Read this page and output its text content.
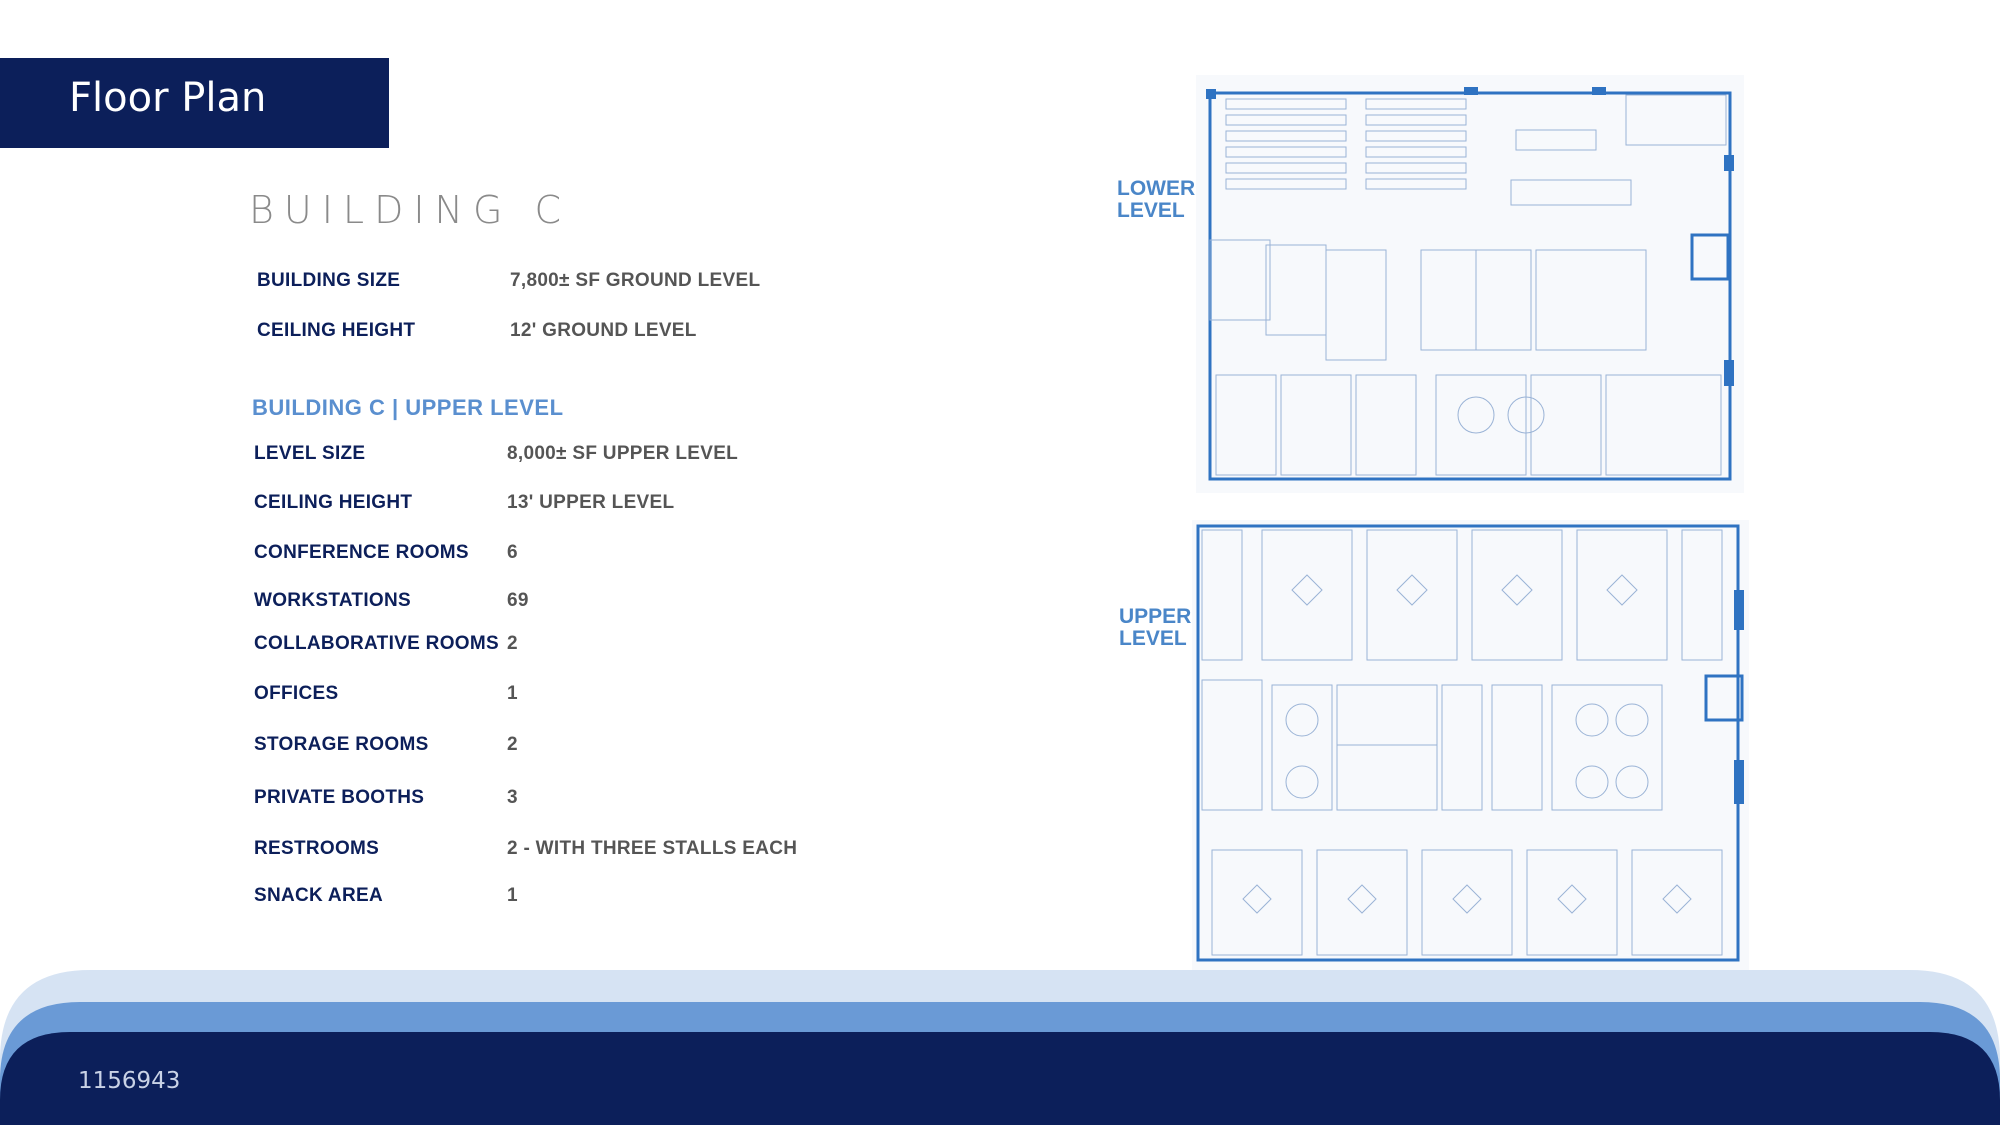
Floor Plan
BUILDING C
BUILDING SIZE	7,800± SF GROUND LEVEL
CEILING HEIGHT	12' GROUND LEVEL
BUILDING C | UPPER LEVEL
LEVEL SIZE	8,000± SF UPPER LEVEL
CEILING HEIGHT	13' UPPER LEVEL
CONFERENCE ROOMS 6
WORKSTATIONS	69
COLLABORATIVE ROOMS 2
OFFICES	1
STORAGE ROOMS	2
PRIVATE BOOTHS	3
RESTROOMS	2 - WITH THREE STALLS EACH
SNACK AREA	1
LOWER
LEVEL
UPPER
LEVEL
1156943
